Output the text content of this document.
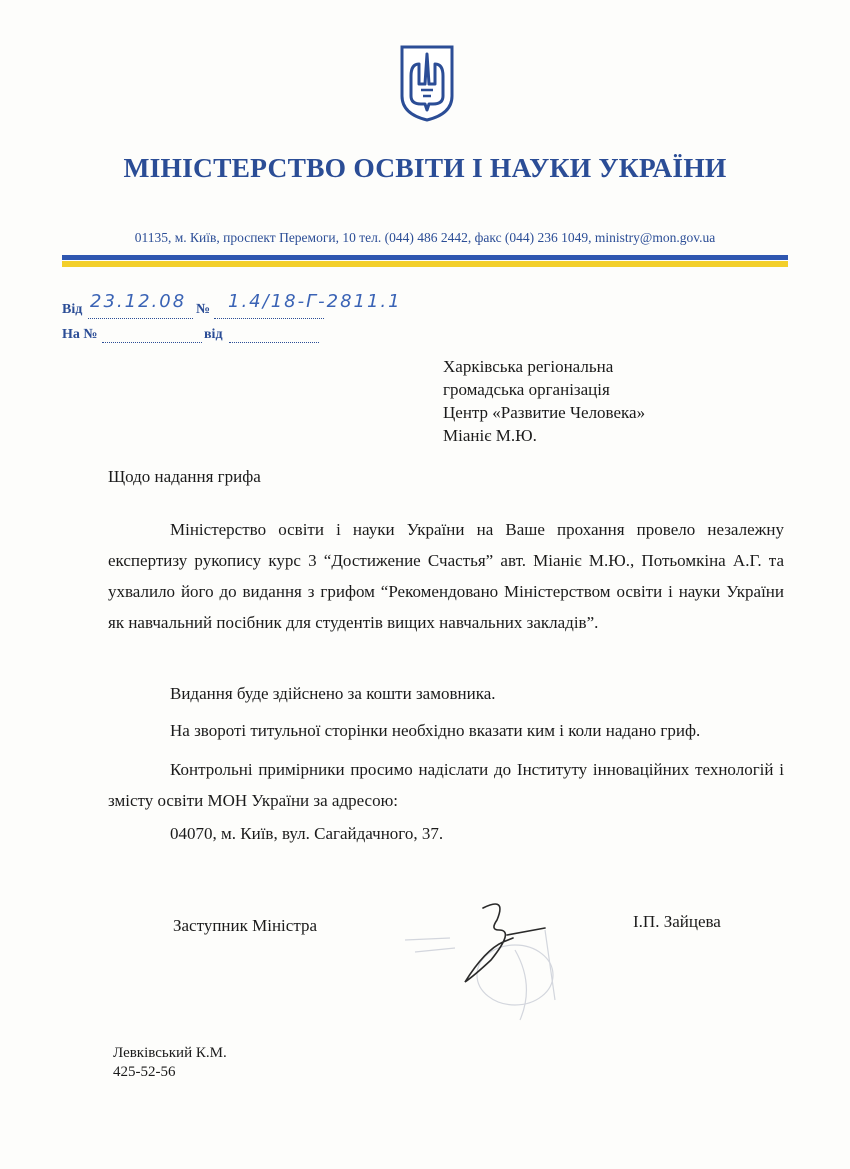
МІНІСТЕРСТВО ОСВІТИ І НАУКИ УКРАЇНИ
01135, м. Київ, проспект Перемоги, 10 тел. (044) 486 2442, факс (044) 236 1049, ministry@mon.gov.ua
Від 23.12.08 № 1.4/18-Г-2811.1
На №	від
Харківська регіональна
громадська організація
Центр «Развитие Человека»
Міаніє М.Ю.
Щодо надання грифа

Міністерство освіти і науки України на Ваше прохання провело незалежну експертизу рукопису курс 3 “Достижение Счастья” авт. Міаніє М.Ю., Потьомкіна А.Г. та ухвалило його до видання з грифом “Рекомендовано Міністерством освіти і науки України як навчальний посібник для студентів вищих навчальних закладів”.

Видання буде здійснено за кошти замовника.
На звороті титульної сторінки необхідно вказати ким і коли надано гриф.

Контрольні примірники просимо надіслати до Інституту інноваційних технологій і змісту освіти МОН України за адресою:

04070, м. Київ, вул. Сагайдачного, 37.
Заступник Міністра	І.П. Зайцева
Левківський К.М.
425-52-56
